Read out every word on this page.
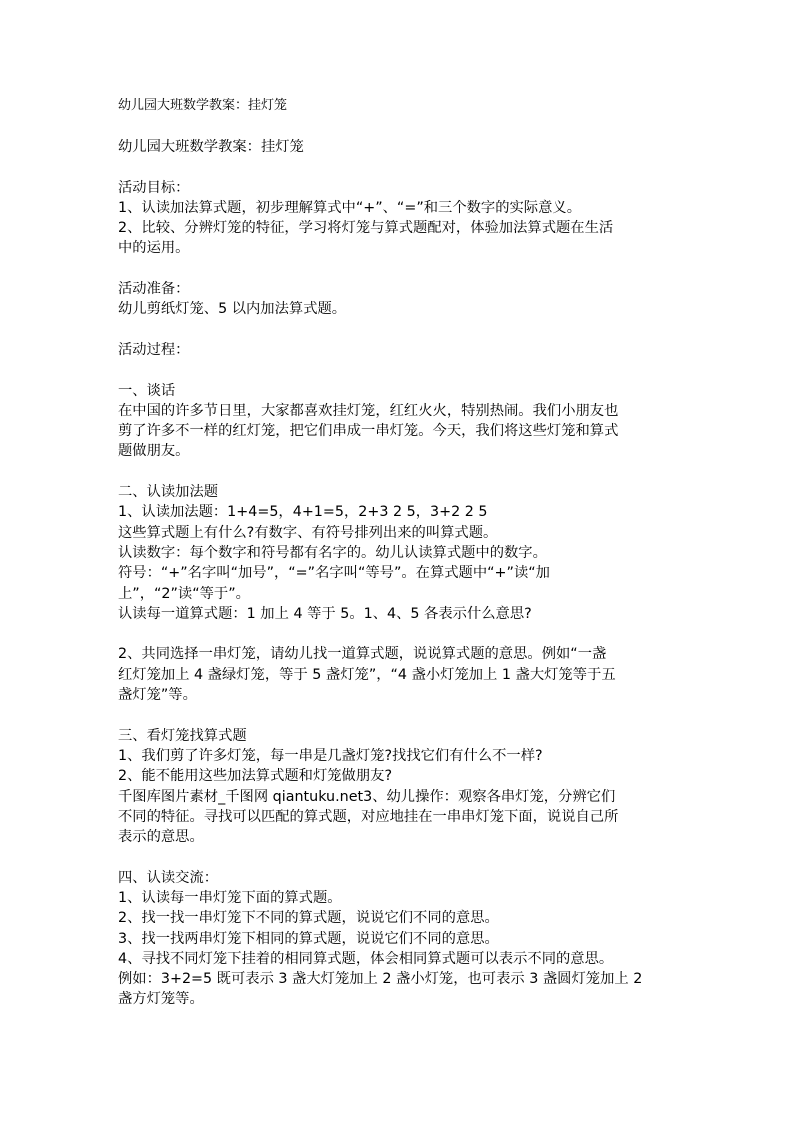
幼儿园大班数学教案：挂灯笼
幼儿园大班数学教案：挂灯笼
活动目标：
1、认读加法算式题，初步理解算式中“+”、“=”和三个数字的实际意义。
2、比较、分辨灯笼的特征，学习将灯笼与算式题配对，体验加法算式题在生活
中的运用。
活动准备：
幼儿剪纸灯笼、5 以内加法算式题。
活动过程：
一、谈话
在中国的许多节日里，大家都喜欢挂灯笼，红红火火，特别热闹。我们小朋友也
剪了许多不一样的红灯笼，把它们串成一串灯笼。今天，我们将这些灯笼和算式
题做朋友。
二、认读加法题
1、认读加法题：1+4=5，4+1=5，2+3 2 5，3+2 2 5
这些算式题上有什么?有数字、有符号排列出来的叫算式题。
认读数字：每个数字和符号都有名字的。幼儿认读算式题中的数字。
符号：“+”名字叫“加号”，“=”名字叫“等号”。在算式题中“+”读“加
上”，“2”读“等于”。
认读每一道算式题：1 加上 4 等于 5。1、4、5 各表示什么意思?
2、共同选择一串灯笼，请幼儿找一道算式题，说说算式题的意思。例如“一盏
红灯笼加上 4 盏绿灯笼，等于 5 盏灯笼”，“4 盏小灯笼加上 1 盏大灯笼等于五
盏灯笼”等。
三、看灯笼找算式题
1、我们剪了许多灯笼，每一串是几盏灯笼?找找它们有什么不一样?
2、能不能用这些加法算式题和灯笼做朋友?
千图库图片素材_千图网 qiantuku.net3、幼儿操作：观察各串灯笼，分辨它们
不同的特征。寻找可以匹配的算式题，对应地挂在一串串灯笼下面，说说自己所
表示的意思。
四、认读交流：
1、认读每一串灯笼下面的算式题。
2、找一找一串灯笼下不同的算式题，说说它们不同的意思。
3、找一找两串灯笼下相同的算式题，说说它们不同的意思。
4、寻找不同灯笼下挂着的相同算式题，体会相同算式题可以表示不同的意思。
例如：3+2=5 既可表示 3 盏大灯笼加上 2 盏小灯笼，也可表示 3 盏圆灯笼加上 2
盏方灯笼等。
